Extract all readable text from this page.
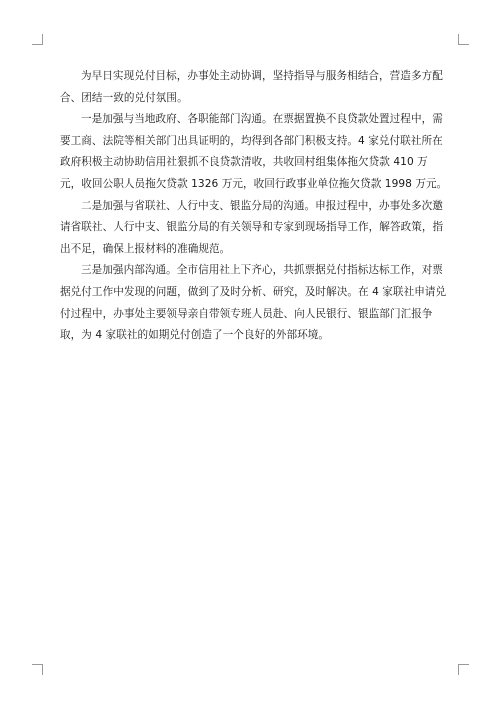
为早日实现兑付目标，办事处主动协调，坚持指导与服务相结合，营造多方配合、团结一致的兑付氛围。

一是加强与当地政府、各职能部门沟通。在票据置换不良贷款处置过程中，需要工商、法院等相关部门出具证明的，均得到各部门积极支持。4 家兑付联社所在政府积极主动协助信用社狠抓不良贷款清收，共收回村组集体拖欠贷款 410 万元，收回公职人员拖欠贷款 1326 万元，收回行政事业单位拖欠贷款 1998 万元。

二是加强与省联社、人行中支、银监分局的沟通。申报过程中，办事处多次邀请省联社、人行中支、银监分局的有关领导和专家到现场指导工作，解答政策，指出不足，确保上报材料的准确规范。

三是加强内部沟通。全市信用社上下齐心，共抓票据兑付指标达标工作，对票据兑付工作中发现的问题，做到了及时分析、研究，及时解决。在 4 家联社申请兑付过程中，办事处主要领导亲自带领专班人员赴、向人民银行、银监部门汇报争取，为 4 家联社的如期兑付创造了一个良好的外部环境。
